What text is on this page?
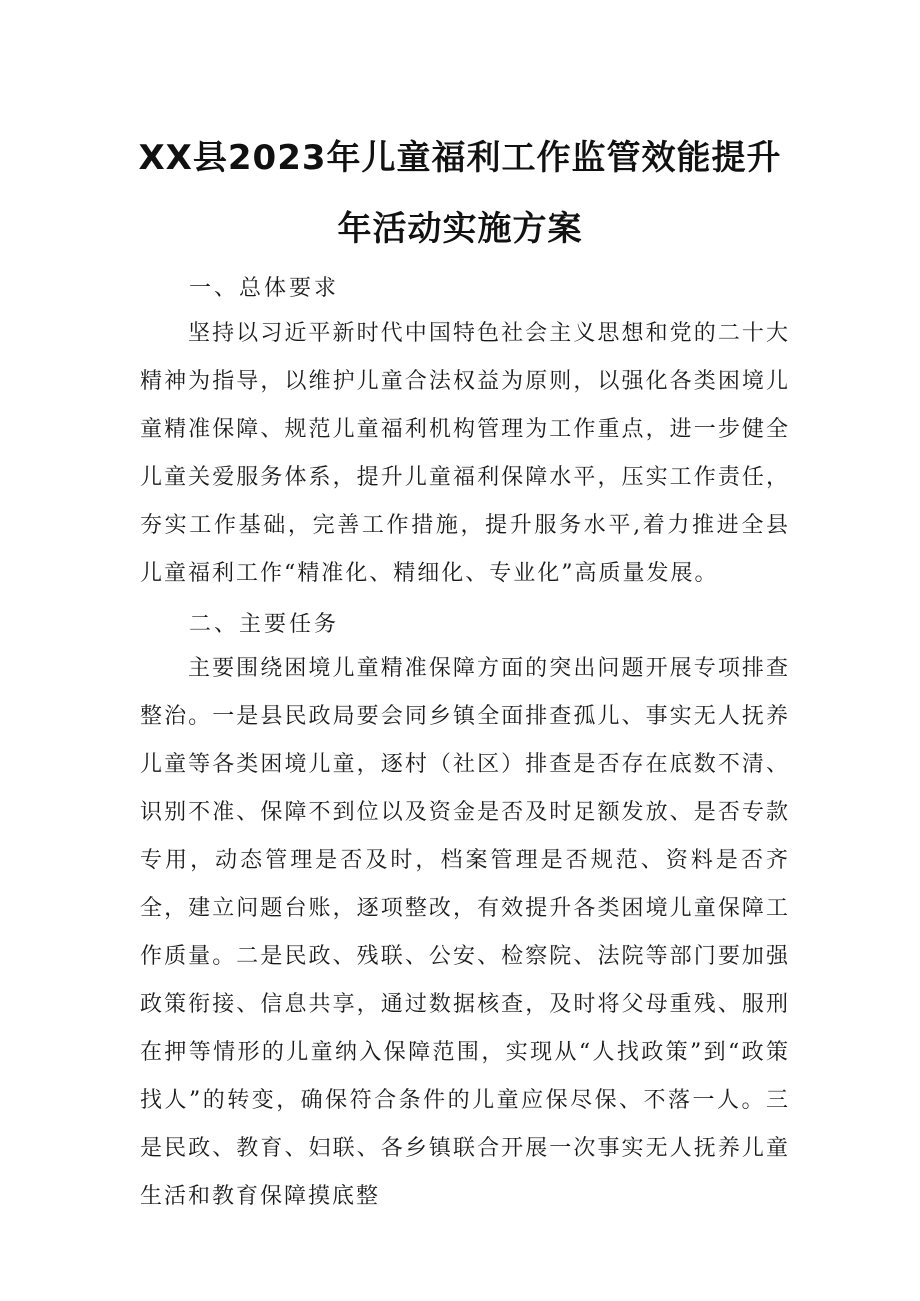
XX县2023年儿童福利工作监管效能提升
年活动实施方案
一、总体要求

坚持以习近平新时代中国特色社会主义思想和党的二十大精神为指导，以维护儿童合法权益为原则，以强化各类困境儿童精准保障、规范儿童福利机构管理为工作重点，进一步健全儿童关爱服务体系，提升儿童福利保障水平，压实工作责任，夯实工作基础，完善工作措施，提升服务水平,着力推进全县儿童福利工作“精准化、精细化、专业化”高质量发展。

二、主要任务

主要围绕困境儿童精准保障方面的突出问题开展专项排查整治。一是县民政局要会同乡镇全面排查孤儿、事实无人抚养儿童等各类困境儿童，逐村（社区）排查是否存在底数不清、识别不准、保障不到位以及资金是否及时足额发放、是否专款专用，动态管理是否及时，档案管理是否规范、资料是否齐全，建立问题台账，逐项整改，有效提升各类困境儿童保障工作质量。二是民政、残联、公安、检察院、法院等部门要加强政策衔接、信息共享，通过数据核查，及时将父母重残、服刑在押等情形的儿童纳入保障范围，实现从“人找政策”到“政策找人”的转变，确保符合条件的儿童应保尽保、不落一人。三是民政、教育、妇联、各乡镇联合开展一次事实无人抚养儿童生活和教育保障摸底整
